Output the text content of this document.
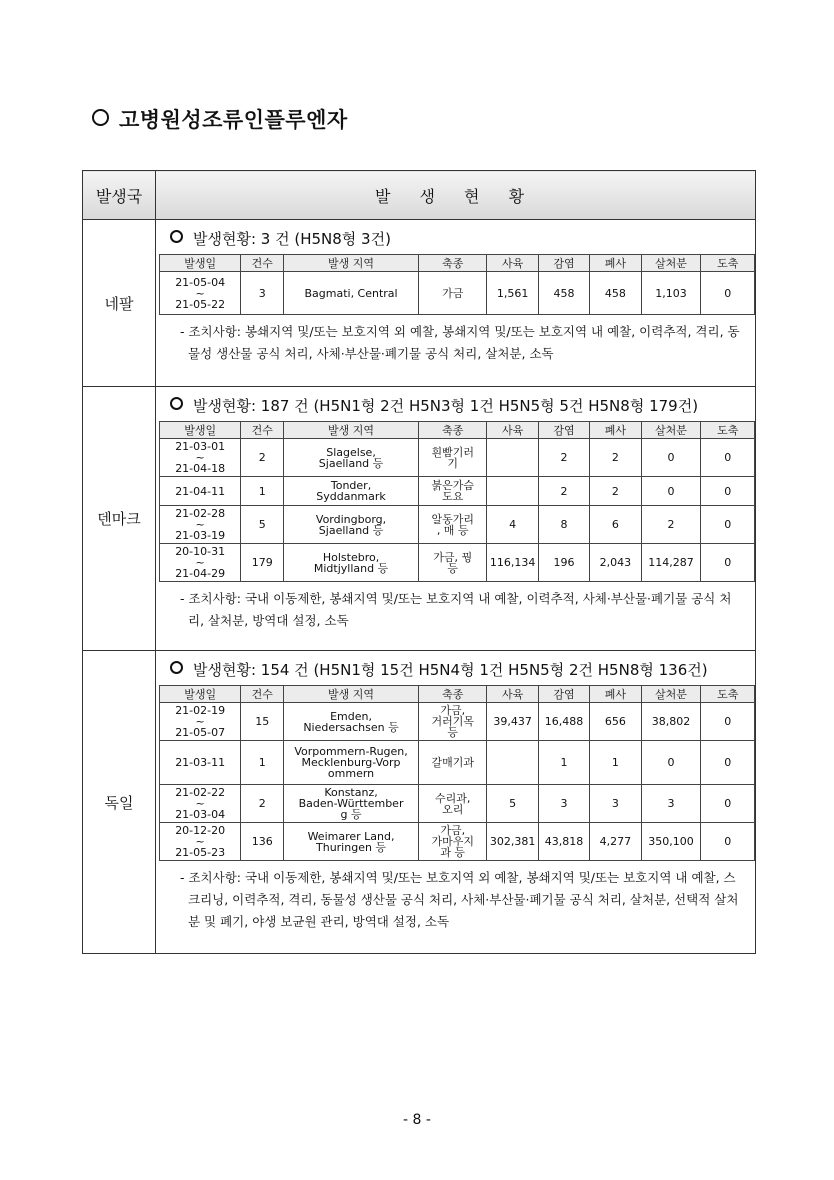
고병원성조류인플루엔자
발생국	발 생 현 황
네팔	
발생현황: 3 건 (H5N8형 3건)
발생일	건수	발생 지역	축종	사육	감염	폐사	살처분	도축

21-05-04
~
21-05-22
	3	Bagmati, Central	가금	1,561	458	458	1,103	0
- 조치사항: 봉쇄지역 및/또는 보호지역 외 예찰, 봉쇄지역 및/또는 보호지역 내 예찰, 이력추적, 격리, 동물성 생산물 공식 처리, 사체·부산물·폐기물 공식 처리, 살처분, 소독

덴마크	
발생현황: 187 건 (H5N1형 2건 H5N3형 1건 H5N5형 5건 H5N8형 179건)
발생일	건수	발생 지역	축종	사육	감염	폐사	살처분	도축

21-03-01
~
21-04-18
	2	Slagelse,
Sjaelland 등

흰빰기러
기		2	2	0	0

21-04-11	1	Tonder,
Syddanmark

붉은가슴
도요		2	2	0	0

21-02-28
~
21-03-19
	5	Vordingborg,
Sjaelland 등

알동가리
, 매 등	4	8	6	2	0

20-10-31
~
21-04-29
	179	Holstebro,
Midtjylland 등

가금, 꿩
등	116,134	196	2,043	114,287	0
- 조치사항: 국내 이동제한, 봉쇄지역 및/또는 보호지역 내 예찰, 이력추적, 사체·부산물·폐기물 공식 처리, 살처분, 방역대 설정, 소독

독일	
발생현황: 154 건 (H5N1형 15건 H5N4형 1건 H5N5형 2건 H5N8형 136건)
발생일	건수	발생 지역	축종	사육	감염	폐사	살처분	도축

21-02-19
~
21-05-07
	15	Emden,
Niedersachsen 등

가금,
거러기목
등
	39,437	16,488	656	38,802	0

21-03-11	1	
Vorpommern-Rugen,
Mecklenburg-Vorp
ommern

갈매기과		1	1	0	0

21-02-22
~
21-03-04
	2	
Konstanz,
Baden-Württember
g 등

수리과,
오리	5	3	3	3	0

20-12-20
~
21-05-23
	136	Weimarer Land,
Thuringen 등

가금,
가마우지
과 등
	302,381	43,818	4,277	350,100	0
- 조치사항: 국내 이동제한, 봉쇄지역 및/또는 보호지역 외 예찰, 봉쇄지역 및/또는 보호지역 내 예찰, 스크리닝, 이력추적, 격리, 동물성 생산물 공식 처리, 사체·부산물·폐기물 공식 처리, 살처분, 선택적 살처분 및 폐기, 야생 보균원 관리, 방역대 설정, 소독
- 8 -
